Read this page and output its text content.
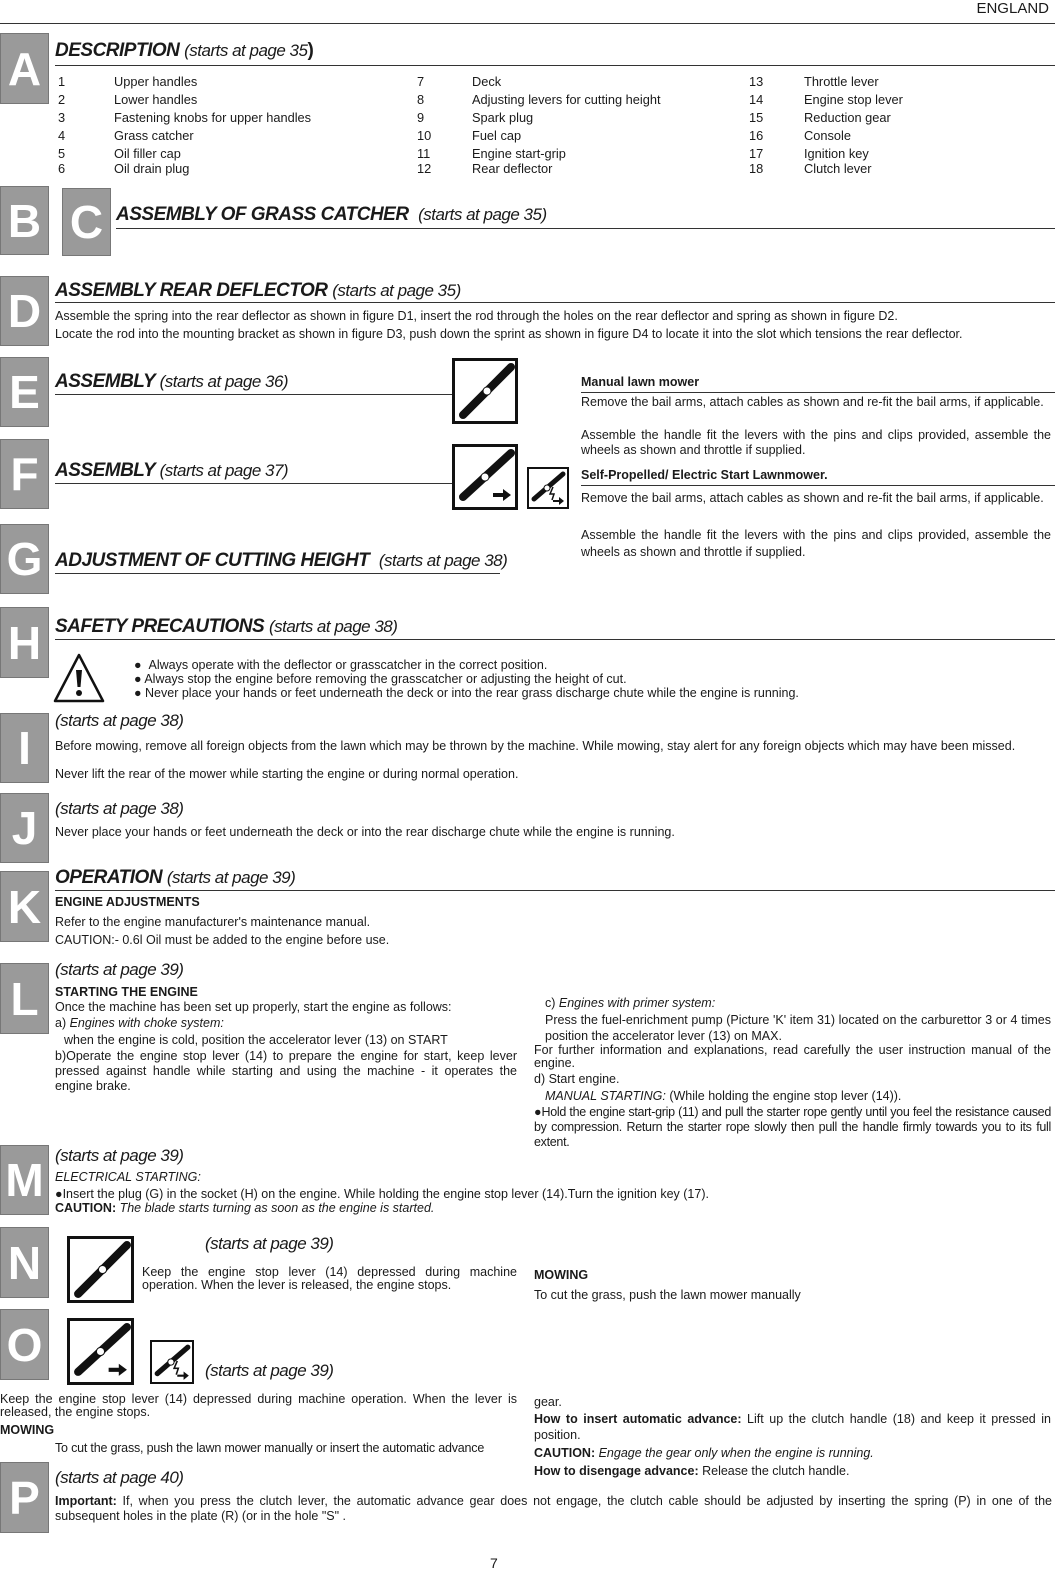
ENGLAND
A DESCRIPTION (starts at page 35)
1	Upper handles	7	Deck	13	Throttle lever
2	Lower handles	8	Adjusting levers for cutting height	14	Engine stop lever
3	Fastening knobs for upper handles	9	Spark plug	15	Reduction gear
4	Grass catcher	10	Fuel cap	16	Console
5	Oil filler cap	11	Engine start-grip	17	Ignition key
6	Oil drain plug	12	Rear deflector	18	Clutch lever
B C ASSEMBLY OF GRASS CATCHER (starts at page 35)
D ASSEMBLY REAR DEFLECTOR (starts at page 35)
Assemble the spring into the rear deflector as shown in figure D1, insert the rod through the holes on the rear deflector and spring as shown in figure D2.
Locate the rod into the mounting bracket as shown in figure D3, push down the sprint as shown in figure D4 to locate it into the slot which tensions the rear deflector.
E ASSEMBLY (starts at page 36)	Manual lawn mower
Remove the bail arms, attach cables as shown and re-fit the bail arms, if applicable.
Assemble the handle fit the levers with the pins and clips provided, assemble the wheels as shown and throttle if supplied.
F ASSEMBLY (starts at page 37)	Self-Propelled/ Electric Start Lawnmower.
Remove the bail arms, attach cables as shown and re-fit the bail arms, if applicable.
Assemble the handle fit the levers with the pins and clips provided, assemble the wheels as shown and throttle if supplied.
G ADJUSTMENT OF CUTTING HEIGHT (starts at page 38)
H SAFETY PRECAUTIONS (starts at page 38)
●  Always operate with the deflector or grasscatcher in the correct position.
● Always stop the engine before removing the grasscatcher or adjusting the height of cut.
● Never place your hands or feet underneath the deck or into the rear grass discharge chute while the engine is running.
I
(starts at page 38)
Before mowing, remove all foreign objects from the lawn which may be thrown by the machine. While mowing, stay alert for any foreign objects which may have been missed.
Never lift the rear of the mower while starting the engine or during normal operation.
J	(starts at page 38)
Never place your hands or feet underneath the deck or into the rear discharge chute while the engine is running.
K
OPERATION (starts at page 39)
ENGINE ADJUSTMENTS
Refer to the engine manufacturer's maintenance manual.
CAUTION:- 0.6l Oil must be added to the engine before use.
L
(starts at page 39)
STARTING THE ENGINE
Once the machine has been set up properly, start the engine as follows:
a) Engines with choke system:
when the engine is cold, position the accelerator lever (13) on START
b)Operate the engine stop lever (14) to prepare the engine for start, keep lever pressed against handle while starting and using the machine - it operates the engine brake.
c) Engines with primer system:
Press the fuel-enrichment pump (Picture 'K' item 31) located on the carburettor 3 or 4 times position the accelerator lever (13) on MAX.
For further information and explanations, read carefully the user instruction manual of the engine.
d) Start engine.
MANUAL STARTING: (While holding the engine stop lever (14)).
●Hold the engine start-grip (11) and pull the starter rope gently until you feel the resistance caused by compression. Return the starter rope slowly then pull the handle firmly towards you to its full extent.
M (starts at page 39)
ELECTRICAL STARTING:
●Insert the plug (G) in the socket (H) on the engine. While holding the engine stop lever (14).Turn the ignition key (17).
CAUTION: The blade starts turning as soon as the engine is started.
N	(starts at page 39)
Keep the engine stop lever (14) depressed during machine operation. When the lever is released, the engine stops.
MOWING
To cut the grass, push the lawn mower manually
O	(starts at page 39)
Keep the engine stop lever (14) depressed during machine operation. When the lever is released, the engine stops.
MOWING
To cut the grass, push the lawn mower manually or insert the automatic advance
gear.
How to insert automatic advance: Lift up the clutch handle (18) and keep it pressed in position.
CAUTION: Engage the gear only when the engine is running.
How to disengage advance: Release the clutch handle.
P (starts at page 40)
Important: If, when you press the clutch lever, the automatic advance gear does not engage, the clutch cable should be adjusted by inserting the spring (P) in one of the subsequent holes in the plate (R) (or in the hole "S" .
7
